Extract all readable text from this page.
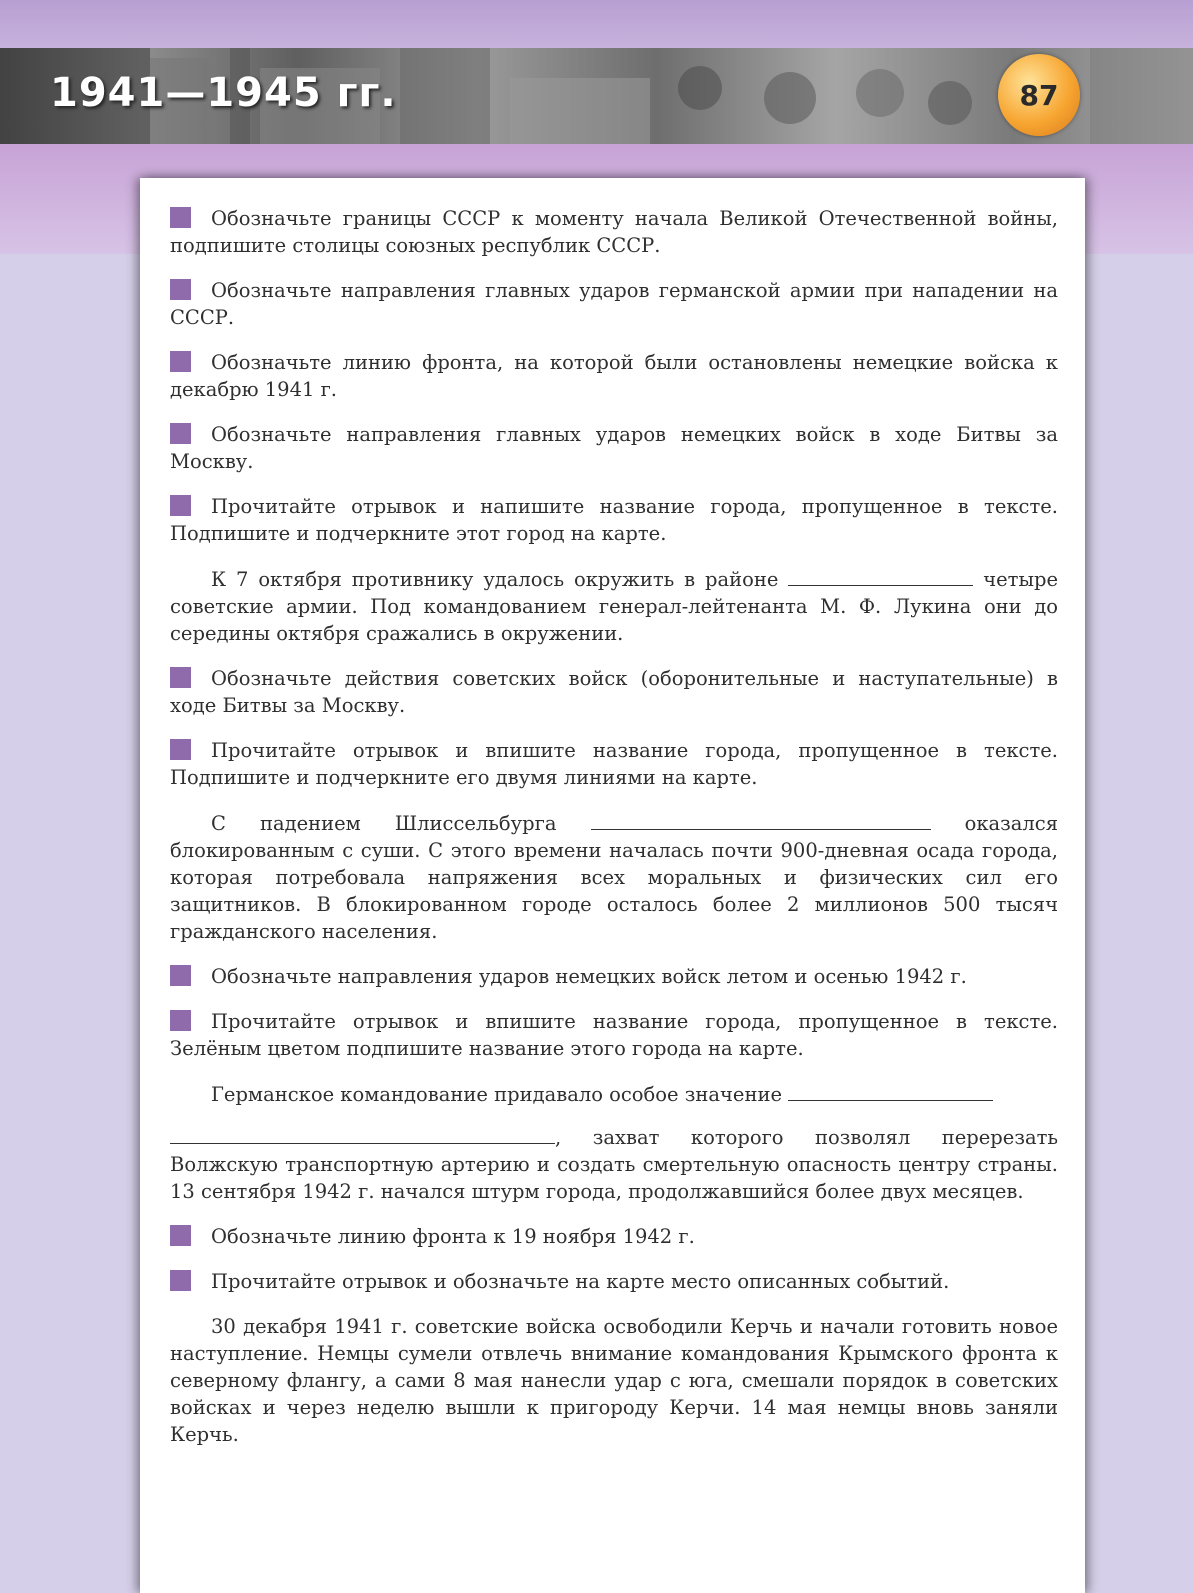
1941—1945 гг.	87

Обозначьте границы СССР к моменту начала Великой Отечественной войны, подпишите столицы союзных республик СССР.

Обозначьте направления главных ударов германской армии при нападении на СССР.

Обозначьте линию фронта, на которой были остановлены немецкие войска к декабрю 1941 г.

Обозначьте направления главных ударов немецких войск в ходе Битвы за Москву.

Прочитайте отрывок и напишите название города, пропущенное в тексте. Подпишите и подчеркните этот город на карте.

К 7 октября противнику удалось окружить в районе	четыре советские армии. Под командованием генерал-лейтенанта М. Ф. Лукина они до середины октября сражались в окружении.

Обозначьте действия советских войск (оборонительные и наступательные) в ходе Битвы за Москву.

Прочитайте отрывок и впишите название города, пропущенное в тексте. Подпишите и подчеркните его двумя линиями на карте.

С падением Шлиссельбурга	оказался блокированным с суши. С этого времени началась почти 900-дневная осада города, которая потребовала напряжения всех моральных и физических сил его защитников. В блокированном городе осталось более 2 миллионов 500 тысяч гражданского населения.

Обозначьте направления ударов немецких войск летом и осенью 1942 г.

Прочитайте отрывок и впишите название города, пропущенное в тексте. Зелёным цветом подпишите название этого города на карте.

Германское командование придавало особое значение
, захват которого позволял перерезать Волжскую транспортную артерию и создать смертельную опасность центру страны. 13 сентября 1942 г. начался штурм города, продолжавшийся более двух месяцев.

Обозначьте линию фронта к 19 ноября 1942 г.

Прочитайте отрывок и обозначьте на карте место описанных событий.

30 декабря 1941 г. советские войска освободили Керчь и начали готовить новое наступление. Немцы сумели отвлечь внимание командования Крымского фронта к северному флангу, а сами 8 мая нанесли удар с юга, смешали порядок в советских войсках и через неделю вышли к пригороду Керчи. 14 мая немцы вновь заняли Керчь.
